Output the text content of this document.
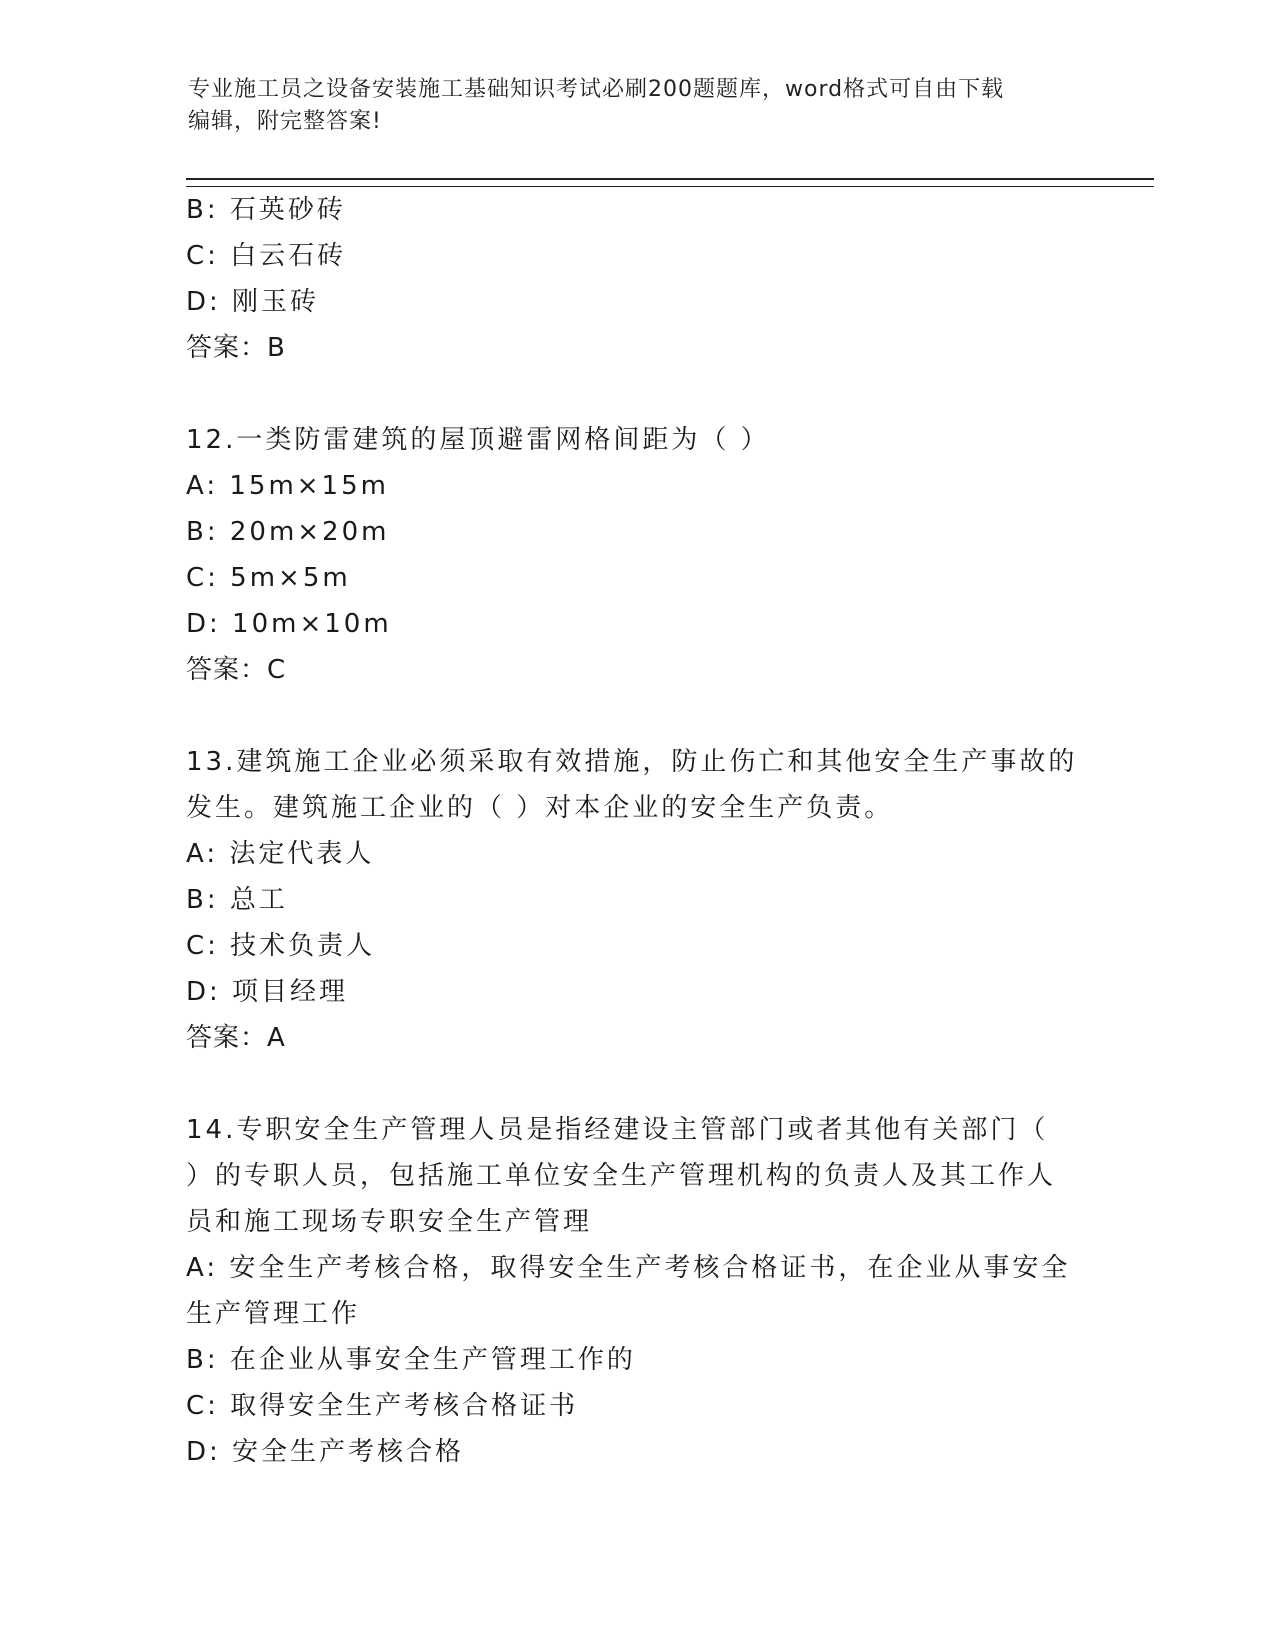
专业施工员之设备安装施工基础知识考试必刷200题题库，word格式可自由下载
编辑，附完整答案!
B: 石英砂砖
C: 白云石砖
D: 刚玉砖
答案：B
12.一类防雷建筑的屋顶避雷网格间距为（ ）
A: 15m×15m
B: 20m×20m
C: 5m×5m
D: 10m×10m
答案：C
13.建筑施工企业必须采取有效措施，防止伤亡和其他安全生产事故的
发生。建筑施工企业的（ ）对本企业的安全生产负责。
A: 法定代表人
B: 总工
C: 技术负责人
D: 项目经理
答案：A
14.专职安全生产管理人员是指经建设主管部门或者其他有关部门（
）的专职人员，包括施工单位安全生产管理机构的负责人及其工作人
员和施工现场专职安全生产管理
A: 安全生产考核合格，取得安全生产考核合格证书，在企业从事安全
生产管理工作
B: 在企业从事安全生产管理工作的
C: 取得安全生产考核合格证书
D: 安全生产考核合格
